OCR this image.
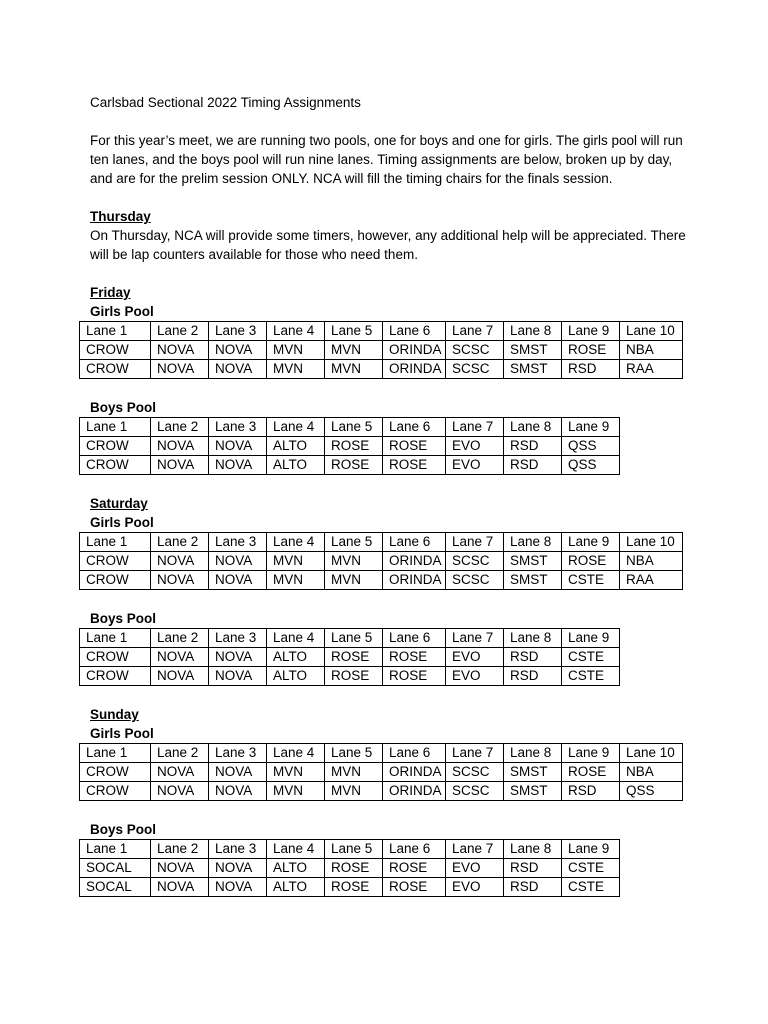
Carlsbad Sectional 2022 Timing Assignments

For this year’s meet, we are running two pools, one for boys and one for girls. The girls pool will run ten lanes, and the boys pool will run nine lanes. Timing assignments are below, broken up by day, and are for the prelim session ONLY. NCA will fill the timing chairs for the finals session.

Thursday

On Thursday, NCA will provide some timers, however, any additional help will be appreciated. There will be lap counters available for those who need them.

Friday
Girls Pool
Lane 1	Lane 2	Lane 3	Lane 4	Lane 5	Lane 6	Lane 7	Lane 8	Lane 9	Lane 10
CROW	NOVA	NOVA	MVN	MVN	ORINDA	SCSC	SMST	ROSE	NBA
CROW	NOVA	NOVA	MVN	MVN	ORINDA	SCSC	SMST	RSD	RAA
Boys Pool
Lane 1	Lane 2	Lane 3	Lane 4	Lane 5	Lane 6	Lane 7	Lane 8	Lane 9
CROW	NOVA	NOVA	ALTO	ROSE	ROSE	EVO	RSD	QSS
CROW	NOVA	NOVA	ALTO	ROSE	ROSE	EVO	RSD	QSS
Saturday
Girls Pool
Lane 1	Lane 2	Lane 3	Lane 4	Lane 5	Lane 6	Lane 7	Lane 8	Lane 9	Lane 10
CROW	NOVA	NOVA	MVN	MVN	ORINDA	SCSC	SMST	ROSE	NBA
CROW	NOVA	NOVA	MVN	MVN	ORINDA	SCSC	SMST	CSTE	RAA
Boys Pool
Lane 1	Lane 2	Lane 3	Lane 4	Lane 5	Lane 6	Lane 7	Lane 8	Lane 9
CROW	NOVA	NOVA	ALTO	ROSE	ROSE	EVO	RSD	CSTE
CROW	NOVA	NOVA	ALTO	ROSE	ROSE	EVO	RSD	CSTE
Sunday
Girls Pool
Lane 1	Lane 2	Lane 3	Lane 4	Lane 5	Lane 6	Lane 7	Lane 8	Lane 9	Lane 10
CROW	NOVA	NOVA	MVN	MVN	ORINDA	SCSC	SMST	ROSE	NBA
CROW	NOVA	NOVA	MVN	MVN	ORINDA	SCSC	SMST	RSD	QSS
Boys Pool
Lane 1	Lane 2	Lane 3	Lane 4	Lane 5	Lane 6	Lane 7	Lane 8	Lane 9
SOCAL	NOVA	NOVA	ALTO	ROSE	ROSE	EVO	RSD	CSTE
SOCAL	NOVA	NOVA	ALTO	ROSE	ROSE	EVO	RSD	CSTE
